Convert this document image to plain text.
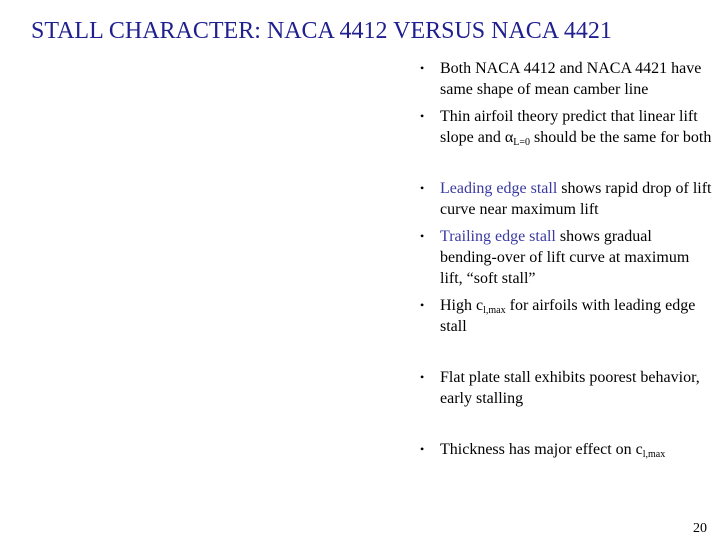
STALL CHARACTER: NACA 4412 VERSUS NACA 4421
• Both NACA 4412 and NACA 4421 have same shape of mean camber line
• Thin airfoil theory predict that linear lift slope and $\alpha_{L=0}$ should be the same for both
• Leading edge stall shows rapid drop of lift curve near maximum lift
• Trailing edge stall shows gradual bending-over of lift curve at maximum lift, “soft stall”
• High $c_{l,max}$ for airfoils with leading edge stall
• Flat plate stall exhibits poorest behavior, early stalling
• Thickness has major effect on $c_{l,max}$
20
